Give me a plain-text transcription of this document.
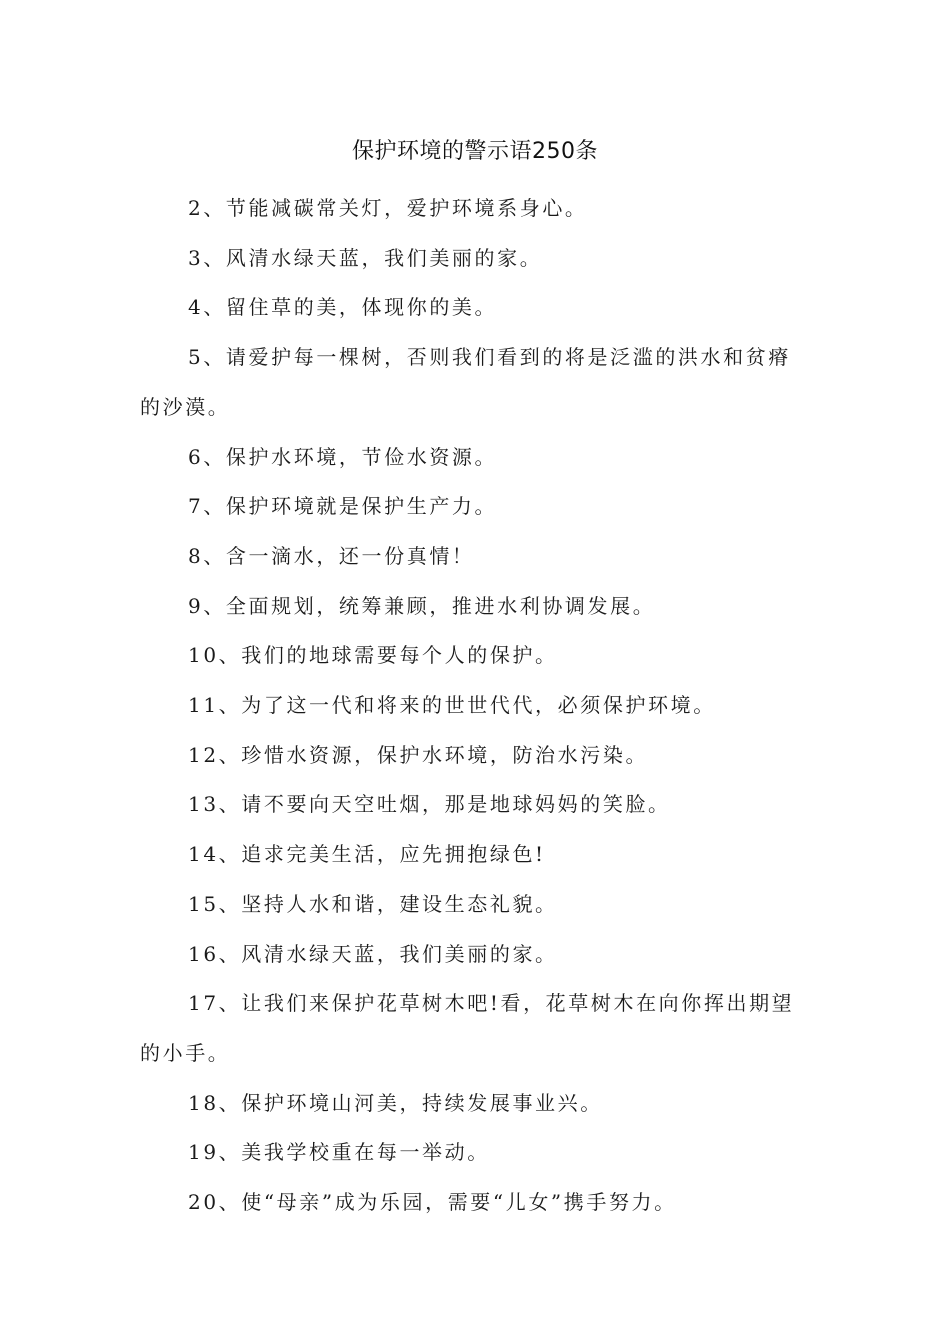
保护环境的警示语250条
2、节能减碳常关灯，爱护环境系身心。
3、风清水绿天蓝，我们美丽的家。
4、留住草的美，体现你的美。
5、请爱护每一棵树，否则我们看到的将是泛滥的洪水和贫瘠的沙漠。
6、保护水环境，节俭水资源。
7、保护环境就是保护生产力。
8、含一滴水，还一份真情！
9、全面规划，统筹兼顾，推进水利协调发展。
10、我们的地球需要每个人的保护。
11、为了这一代和将来的世世代代，必须保护环境。
12、珍惜水资源，保护水环境，防治水污染。
13、请不要向天空吐烟，那是地球妈妈的笑脸。
14、追求完美生活，应先拥抱绿色!
15、坚持人水和谐，建设生态礼貌。
16、风清水绿天蓝，我们美丽的家。
17、让我们来保护花草树木吧!看，花草树木在向你挥出期望的小手。
18、保护环境山河美，持续发展事业兴。
19、美我学校重在每一举动。
20、使“母亲”成为乐园，需要“儿女”携手努力。
